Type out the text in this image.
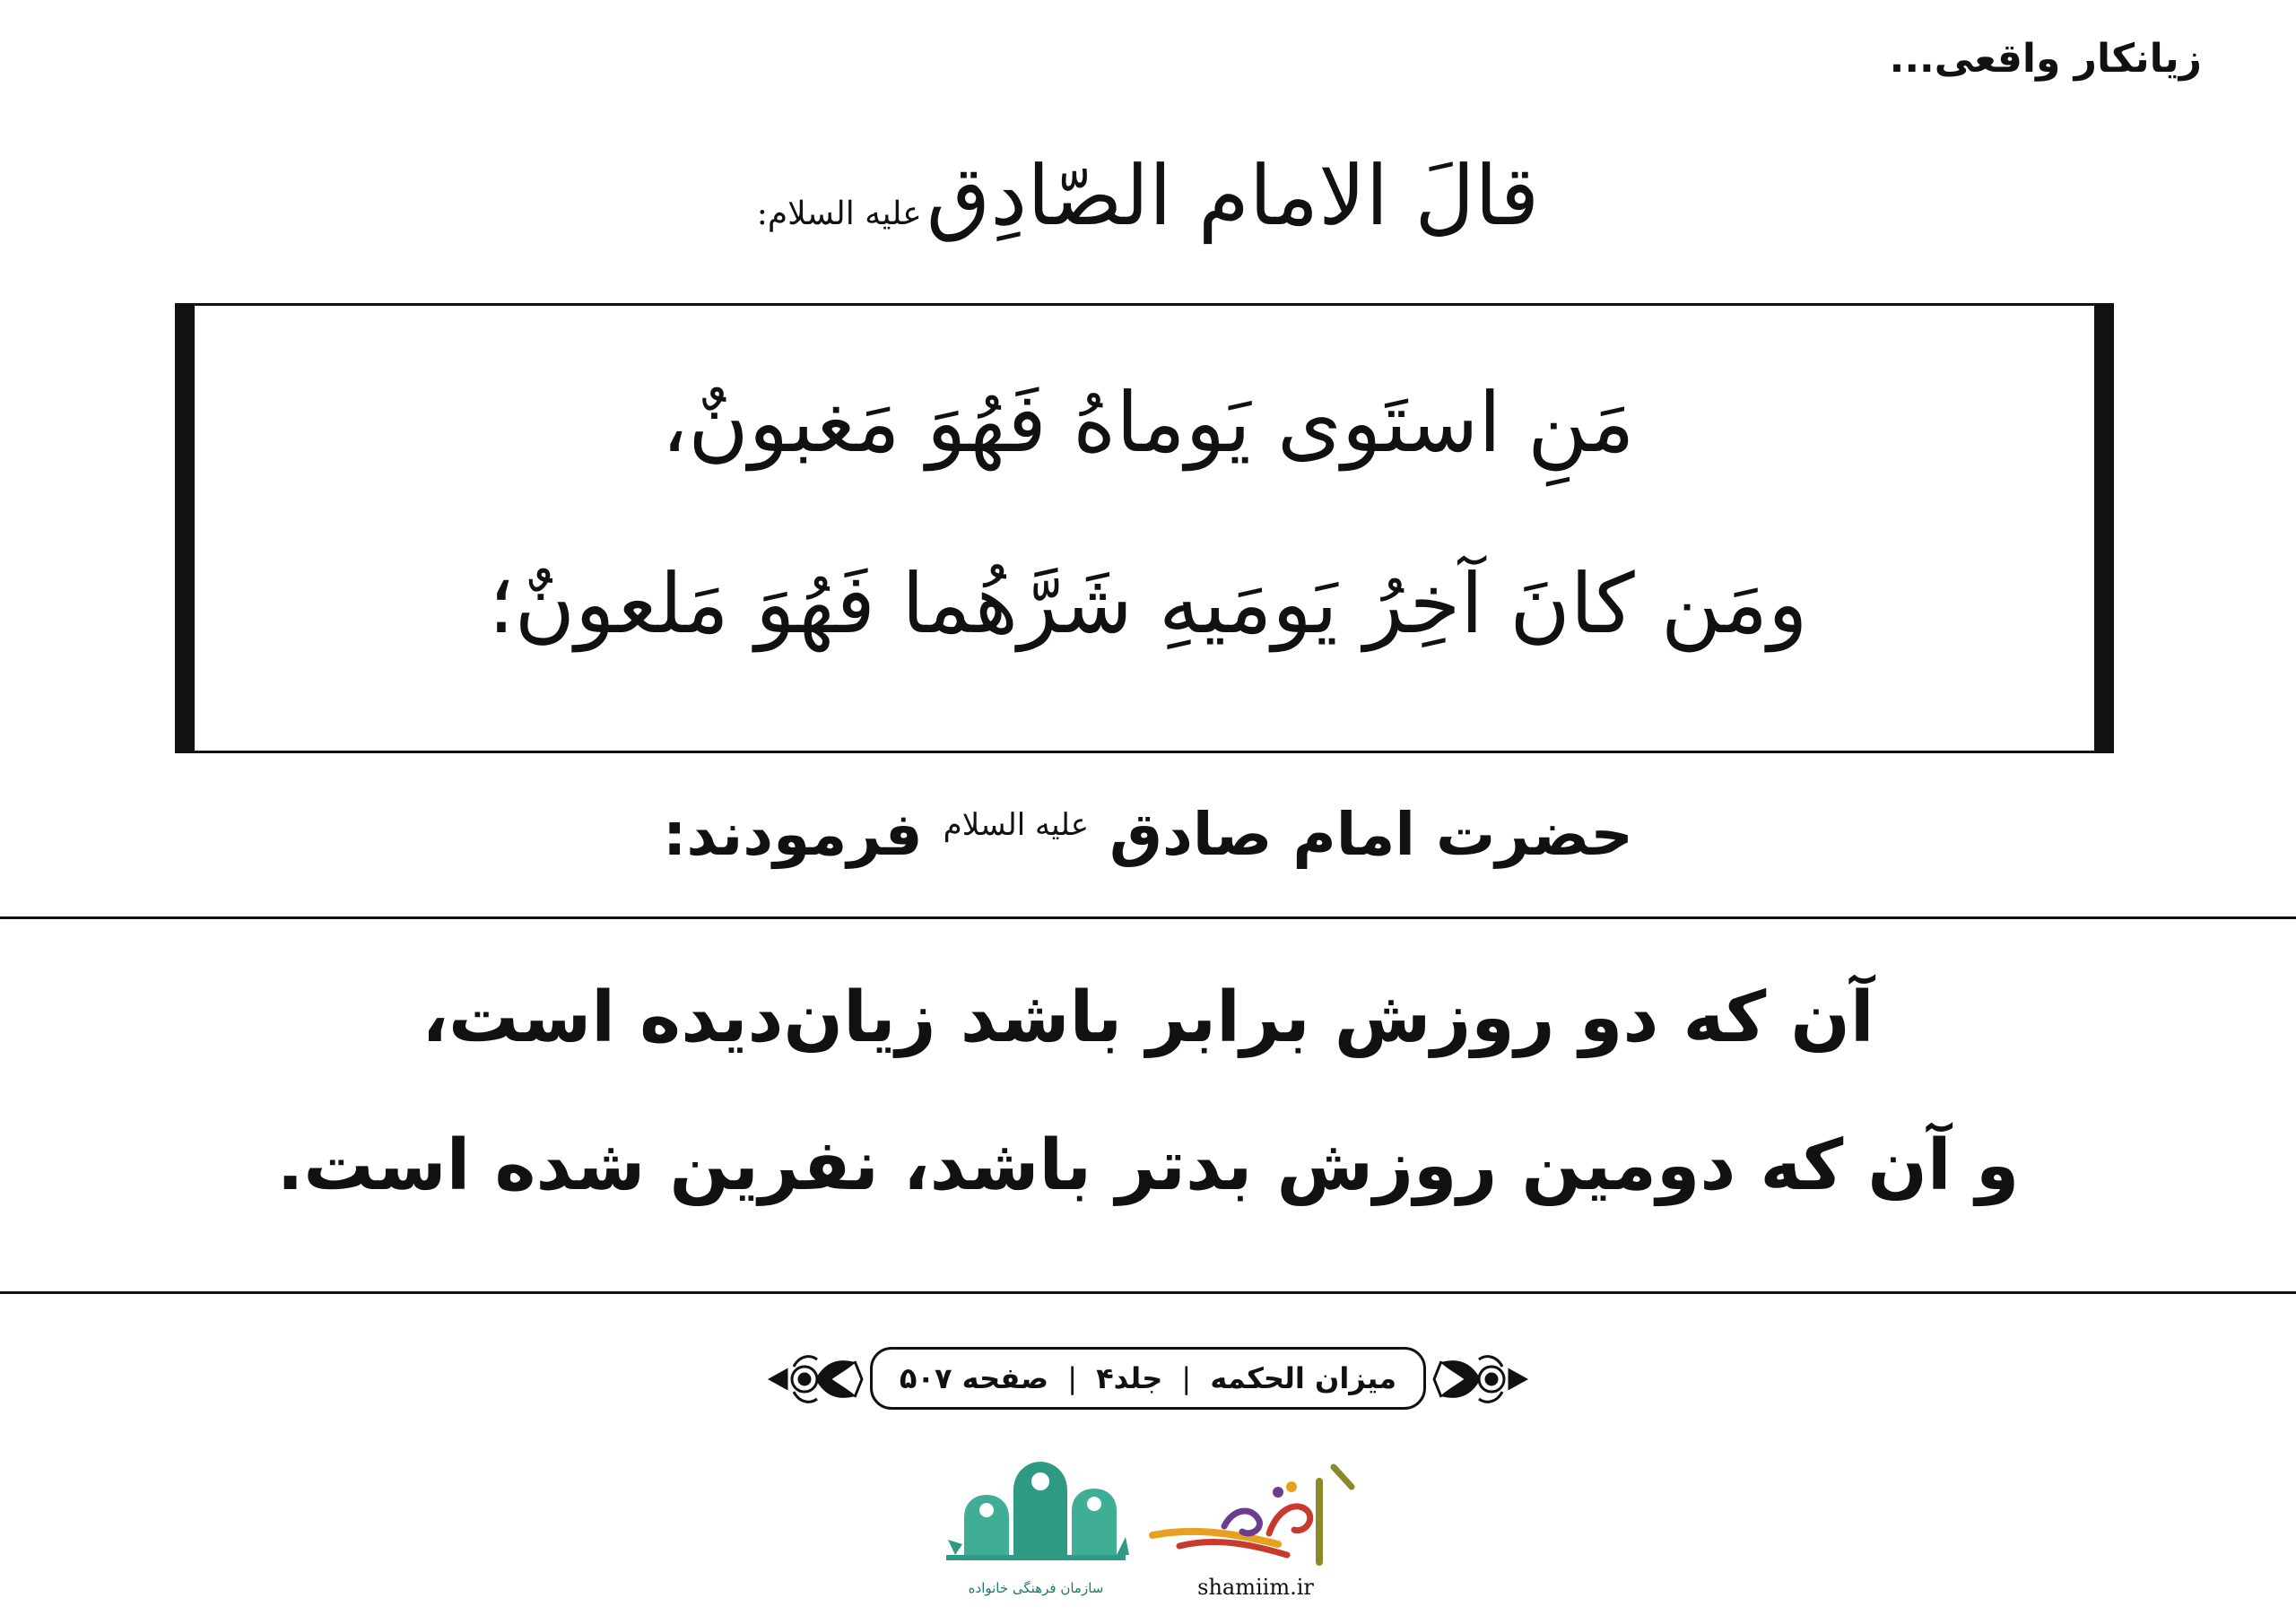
زیانکار واقعی...
قالَ الامام الصّادِق علیه السلام:
مَنِ استَوی یَوماهُ فَهُوَ مَغبونٌ،
ومَن کانَ آخِرُ یَومَیهِ شَرَّهُما فَهُوَ مَلعونٌ؛
حضرت امام صادق $^{علیه السلام}$ فرمودند:
آن که دو روزش برابر باشد زیان‌دیده است،
و آن که دومین روزش بدتر باشد، نفرین شده است.
میزان الحکمه | جلد۴ | صفحه ۵۰۷
سازمان فرهنگی خانواده	shamiim.ir
